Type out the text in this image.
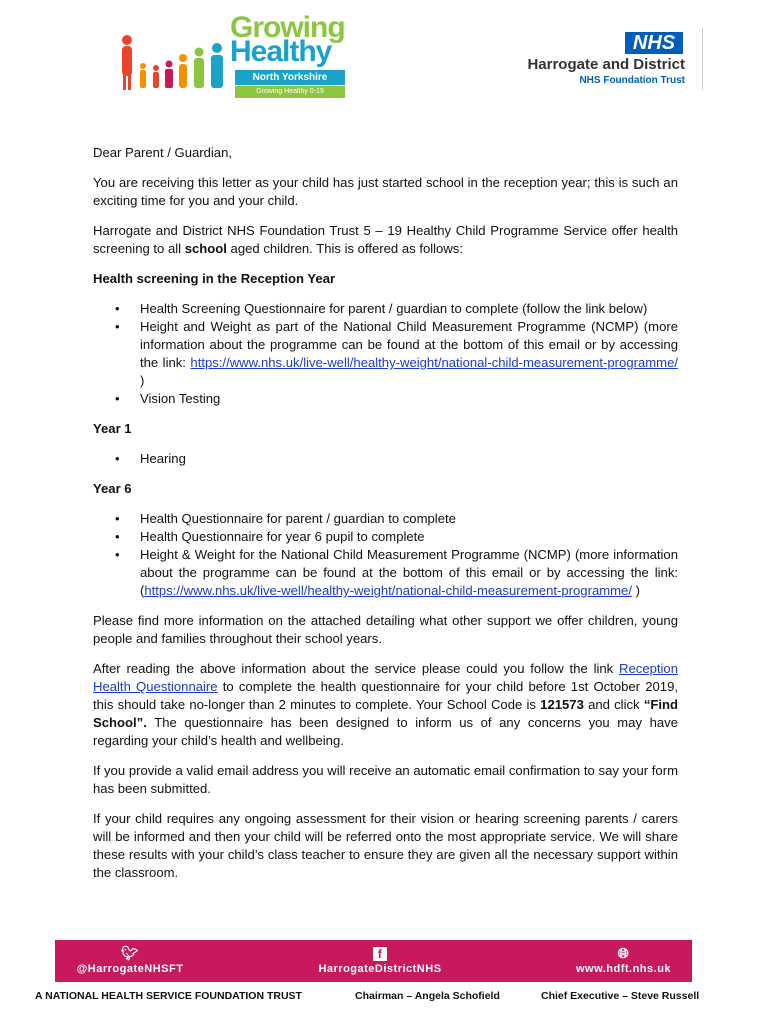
Growing
Healthy
North Yorkshire
Growing Healthy 0-19
NHS
Harrogate and District
NHS Foundation Trust

Dear Parent / Guardian,

You are receiving this letter as your child has just started school in the reception year; this is such an exciting time for you and your child.

Harrogate and District NHS Foundation Trust 5 – 19 Healthy Child Programme Service offer health screening to all school aged children. This is offered as follows:

Health screening in the Reception Year
• Health Screening Questionnaire for parent / guardian to complete (follow the link below)
• Height and Weight as part of the National Child Measurement Programme (NCMP) (more information about the programme can be found at the bottom of this email or by accessing the link: https://www.nhs.uk/live-well/healthy-weight/national-child-measurement-programme/ )
• Vision Testing
Year 1
• Hearing
Year 6
• Health Questionnaire for parent / guardian to complete
• Health Questionnaire for year 6 pupil to complete
• Height & Weight for the National Child Measurement Programme (NCMP) (more information about the programme can be found at the bottom of this email or by accessing the link: (https://www.nhs.uk/live-well/healthy-weight/national-child-measurement-programme/ )

Please find more information on the attached detailing what other support we offer children, young people and families throughout their school years.

After reading the above information about the service please could you follow the link Reception Health Questionnaire to complete the health questionnaire for your child before 1st October 2019, this should take no-longer than 2 minutes to complete. Your School Code is 121573 and click “Find School”. The questionnaire has been designed to inform us of any concerns you may have regarding your child’s health and wellbeing.

If you provide a valid email address you will receive an automatic email confirmation to say your form has been submitted.

If your child requires any ongoing assessment for their vision or hearing screening parents / carers will be informed and then your child will be referred onto the most appropriate service. We will share these results with your child’s class teacher to ensure they are given all the necessary support within the classroom.

🐦︎
@HarrogateNHSFT
f
HarrogateDistrictNHS
🌐︎
www.hdft.nhs.uk
A NATIONAL HEALTH SERVICE FOUNDATION TRUST	Chairman – Angela Schofield	Chief Executive – Steve Russell
